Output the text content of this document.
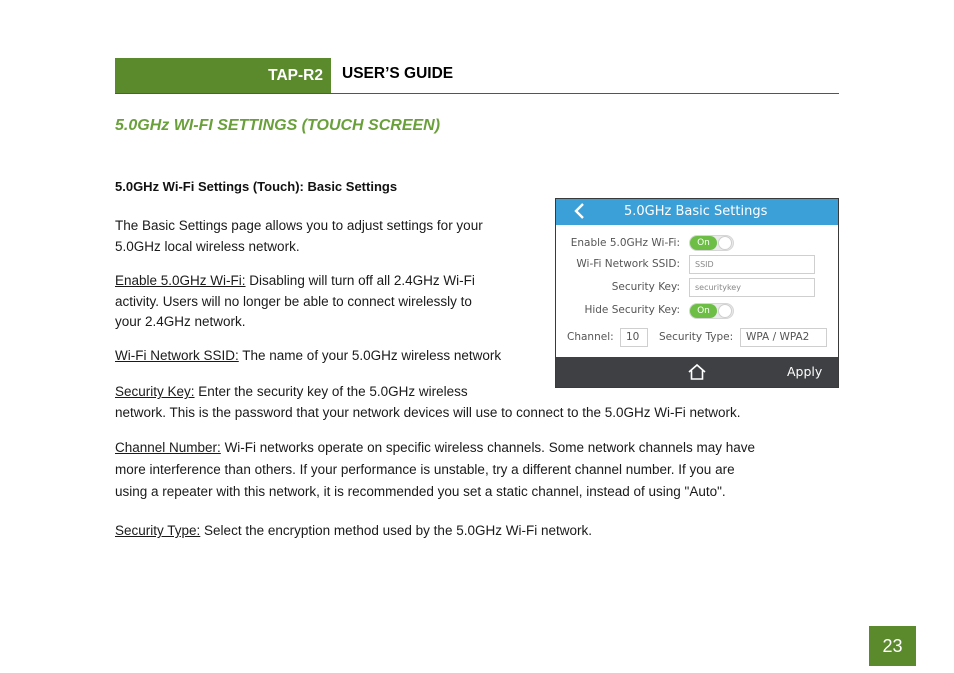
TAP-R2 USER’S GUIDE
5.0GHz WI-FI SETTINGS (TOUCH SCREEN)
5.0GHz Wi-Fi Settings (Touch): Basic Settings
The Basic Settings page allows you to adjust settings for your
5.0GHz local wireless network.
Enable 5.0GHz Wi-Fi: Disabling will turn off all 2.4GHz Wi-Fi
activity. Users will no longer be able to connect wirelessly to
your 2.4GHz network.
Wi-Fi Network SSID: The name of your 5.0GHz wireless network
Security Key: Enter the security key of the 5.0GHz wireless
network. This is the password that your network devices will use to connect to the 5.0GHz Wi-Fi network.
Channel Number: Wi-Fi networks operate on specific wireless channels. Some network channels may have
more interference than others. If your performance is unstable, try a different channel number. If you are
using a repeater with this network, it is recommended you set a static channel, instead of using "Auto".
Security Type: Select the encryption method used by the 5.0GHz Wi-Fi network.
5.0GHz Basic Settings
Enable 5.0GHz Wi-Fi:	On
Wi-Fi Network SSID:	SSID
Security Key:	securitykey
Hide Security Key:	On
Channel:	10	Security Type:	WPA / WPA2
Apply
23
